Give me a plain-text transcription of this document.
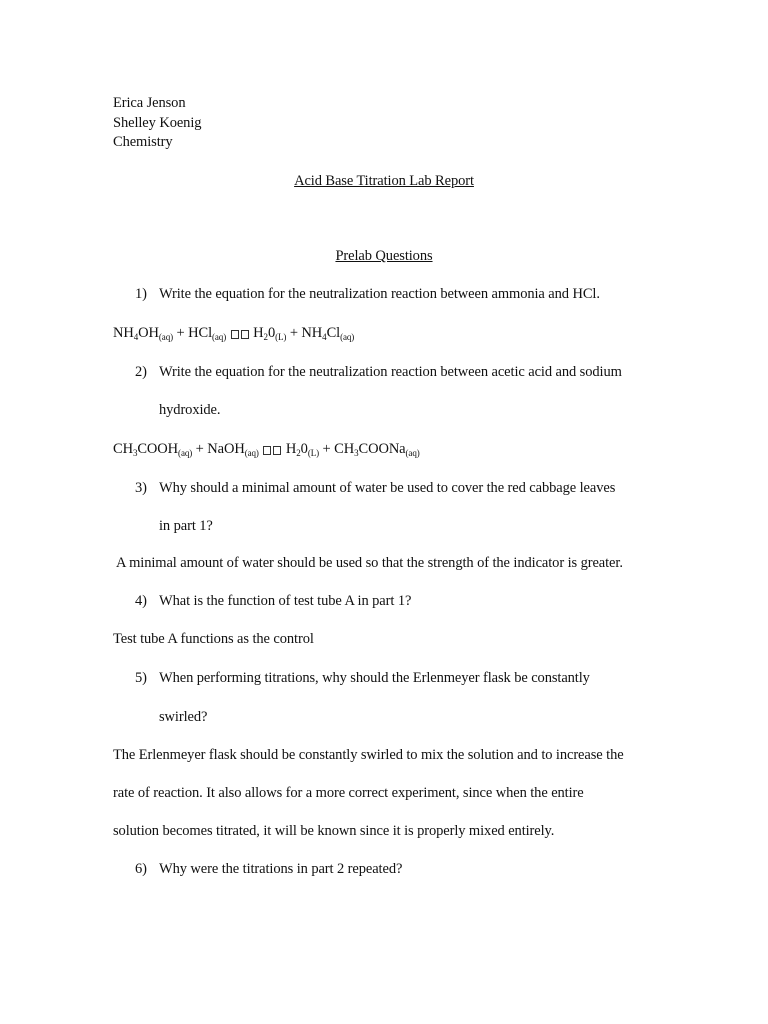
Erica Jenson
Shelley Koenig
Chemistry
Acid Base Titration Lab Report
Prelab Questions
1) Write the equation for the neutralization reaction between ammonia and HCl.
$NH_4OH_{(aq)} + HCl_{(aq)}$  $H_20_{(L)} + NH_4Cl_{(aq)}$
2) Write the equation for the neutralization reaction between acetic acid and sodium
hydroxide.
$CH_3COOH_{(aq)}$ + NaOH$_{(aq)}$  $H_20_{(L)}$ + $CH_3COONa_{(aq)}$
3) Why should a minimal amount of water be used to cover the red cabbage leaves
in part 1?
A minimal amount of water should be used so that the strength of the indicator is greater.
4) What is the function of test tube A in part 1?
Test tube A functions as the control
5) When performing titrations, why should the Erlenmeyer flask be constantly
swirled?
The Erlenmeyer flask should be constantly swirled to mix the solution and to increase the
rate of reaction. It also allows for a more correct experiment, since when the entire
solution becomes titrated, it will be known since it is properly mixed entirely.
6) Why were the titrations in part 2 repeated?
